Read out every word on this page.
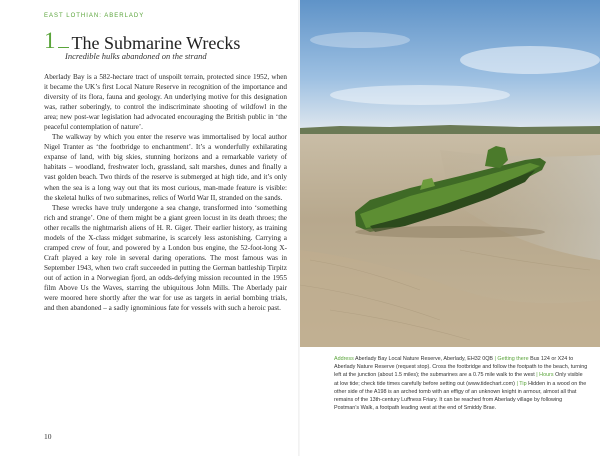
EAST LOTHIAN: ABERLADY
1 The Submarine Wrecks
Incredible hulks abandoned on the strand

Aberlady Bay is a 582-hectare tract of unspoilt terrain, protected since 1952, when it became the UK’s first Local Nature Reserve in recognition of the importance and diversity of its flora, fauna and geology. An underlying motive for this designation was, rather soberingly, to control the indiscriminate shooting of wildfowl in the area; new post-war legislation had advocated encouraging the British public in ‘the peaceful contemplation of nature’.

The walkway by which you enter the reserve was immortalised by local author Nigel Tranter as ‘the footbridge to enchantment’. It’s a wonderfully exhilarating expanse of land, with big skies, stunning horizons and a remarkable variety of habitats – woodland, freshwater loch, grassland, salt marshes, dunes and finally a vast golden beach. Two thirds of the reserve is submerged at high tide, and it’s only when the sea is a long way out that its most curious, man-made feature is visible: the skeletal hulks of two submarines, relics of World War II, stranded on the sands.

These wrecks have truly undergone a sea change, transformed into ‘something rich and strange’. One of them might be a giant green locust in its death throes; the other recalls the nightmarish aliens of H. R. Giger. Their earlier history, as training models of the X-class midget submarine, is scarcely less astonishing. Carrying a cramped crew of four, and powered by a London bus engine, the 52-foot-long X-Craft played a key role in several daring operations. The most famous was in September 1943, when two craft succeeded in putting the German battleship Tirpitz out of action in a Norwegian fjord, an odds-defying mission recounted in the 1955 film Above Us the Waves, starring the ubiquitous John Mills. The Aberlady pair were moored here shortly after the war for use as targets in aerial bombing trials, and then abandoned – a sadly ignominious fate for vessels with such a heroic past.

10
Address Aberlady Bay Local Nature Reserve, Aberlady, EH32 0QB | Getting there Bus 124 or X24 to Aberlady Nature Reserve (request stop). Cross the footbridge and follow the footpath to the beach, turning left at the junction (about 1.5 miles); the submarines are a 0.75 mile walk to the west | Hours Only visible at low tide; check tide times carefully before setting out (www.tidechart.com) | Tip Hidden in a wood on the other side of the A198 is an arched tomb with an effigy of an unknown knight in armour, almost all that remains of the 13th-century Luffness Friary. It can be reached from Aberlady village by following Postman’s Walk, a footpath leading west at the end of Smiddy Brae.
